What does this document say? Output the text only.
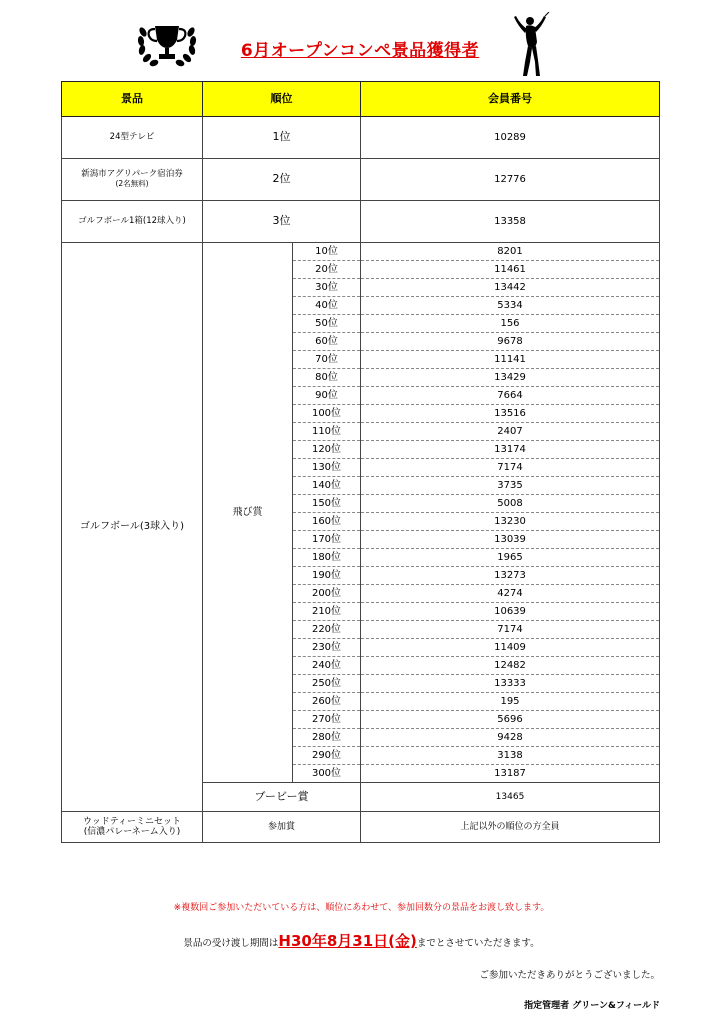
6月オープンコンペ景品獲得者
景品	順位		会員番号
24型テレビ	1位		10289
新潟市アグリパーク宿泊券
(2名無料)	2位		12776
ゴルフボール1箱(12球入り)	3位		13358
ゴルフボール(3球入り)	飛び賞	10位	8201
		20位	11461
		30位	13442
		40位	5334
		50位	156
		60位	9678
		70位	11141
		80位	13429
		90位	7664
		100位	13516
		110位	2407
		120位	13174
		130位	7174
		140位	3735
		150位	5008
		160位	13230
		170位	13039
		180位	1965
		190位	13273
		200位	4274
		210位	10639
		220位	7174
		230位	11409
		240位	12482
		250位	13333
		260位	195
		270位	5696
		280位	9428
		290位	3138
		300位	13187
	ブービー賞		13465
ウッドティーミニセット
(信濃パレーネーム入り)	参加賞		上記以外の順位の方全員
※複数回ご参加いただいている方は、順位にあわせて、参加回数分の景品をお渡し致します。
景品の受け渡し期間はH30年8月31日(金)までとさせていただきます。
ご参加いただきありがとうございました。
指定管理者 グリーン&フィールド
